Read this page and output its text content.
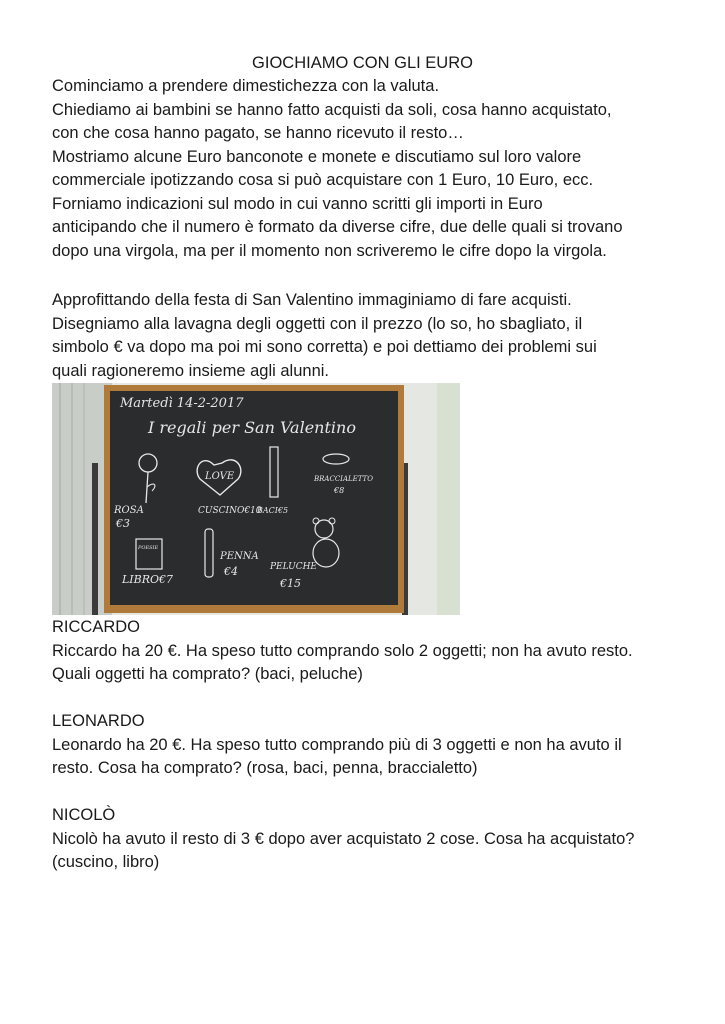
GIOCHIAMO CON GLI EURO

Cominciamo a prendere dimestichezza con la valuta.
Chiediamo ai bambini se hanno fatto acquisti da soli, cosa hanno acquistato,
con che cosa hanno pagato, se hanno ricevuto il resto…
Mostriamo alcune Euro banconote e monete e discutiamo sul loro valore
commerciale ipotizzando cosa si può acquistare con 1 Euro, 10 Euro, ecc.
Forniamo indicazioni sul modo in cui vanno scritti gli importi in Euro
anticipando che il numero è formato da diverse cifre, due delle quali si trovano
dopo una virgola, ma per il momento non scriveremo le cifre dopo la virgola.

Approfittando della festa di San Valentino immaginiamo di fare acquisti.
Disegniamo alla lavagna degli oggetti con il prezzo (lo so, ho sbagliato, il
simbolo € va dopo ma poi mi sono corretta) e poi dettiamo dei problemi sui
quali ragioneremo insieme agli alunni.

Martedì 14-2-2017
I regali per San Valentino
LOVE
CUSCINO€10
ROSA
€3
BACI€5
BRACCIALETTO
€8
POESIE
LIBRO€7
PENNA
€4	PELUCHE
€15

RICCARDO
Riccardo ha 20 €. Ha speso tutto comprando solo 2 oggetti; non ha avuto resto.
Quali oggetti ha comprato? (baci, peluche)

LEONARDO
Leonardo ha 20 €. Ha speso tutto comprando più di 3 oggetti e non ha avuto il
resto. Cosa ha comprato? (rosa, baci, penna, braccialetto)

NICOLÒ
Nicolò ha avuto il resto di 3 € dopo aver acquistato 2 cose. Cosa ha acquistato?
(cuscino, libro)
